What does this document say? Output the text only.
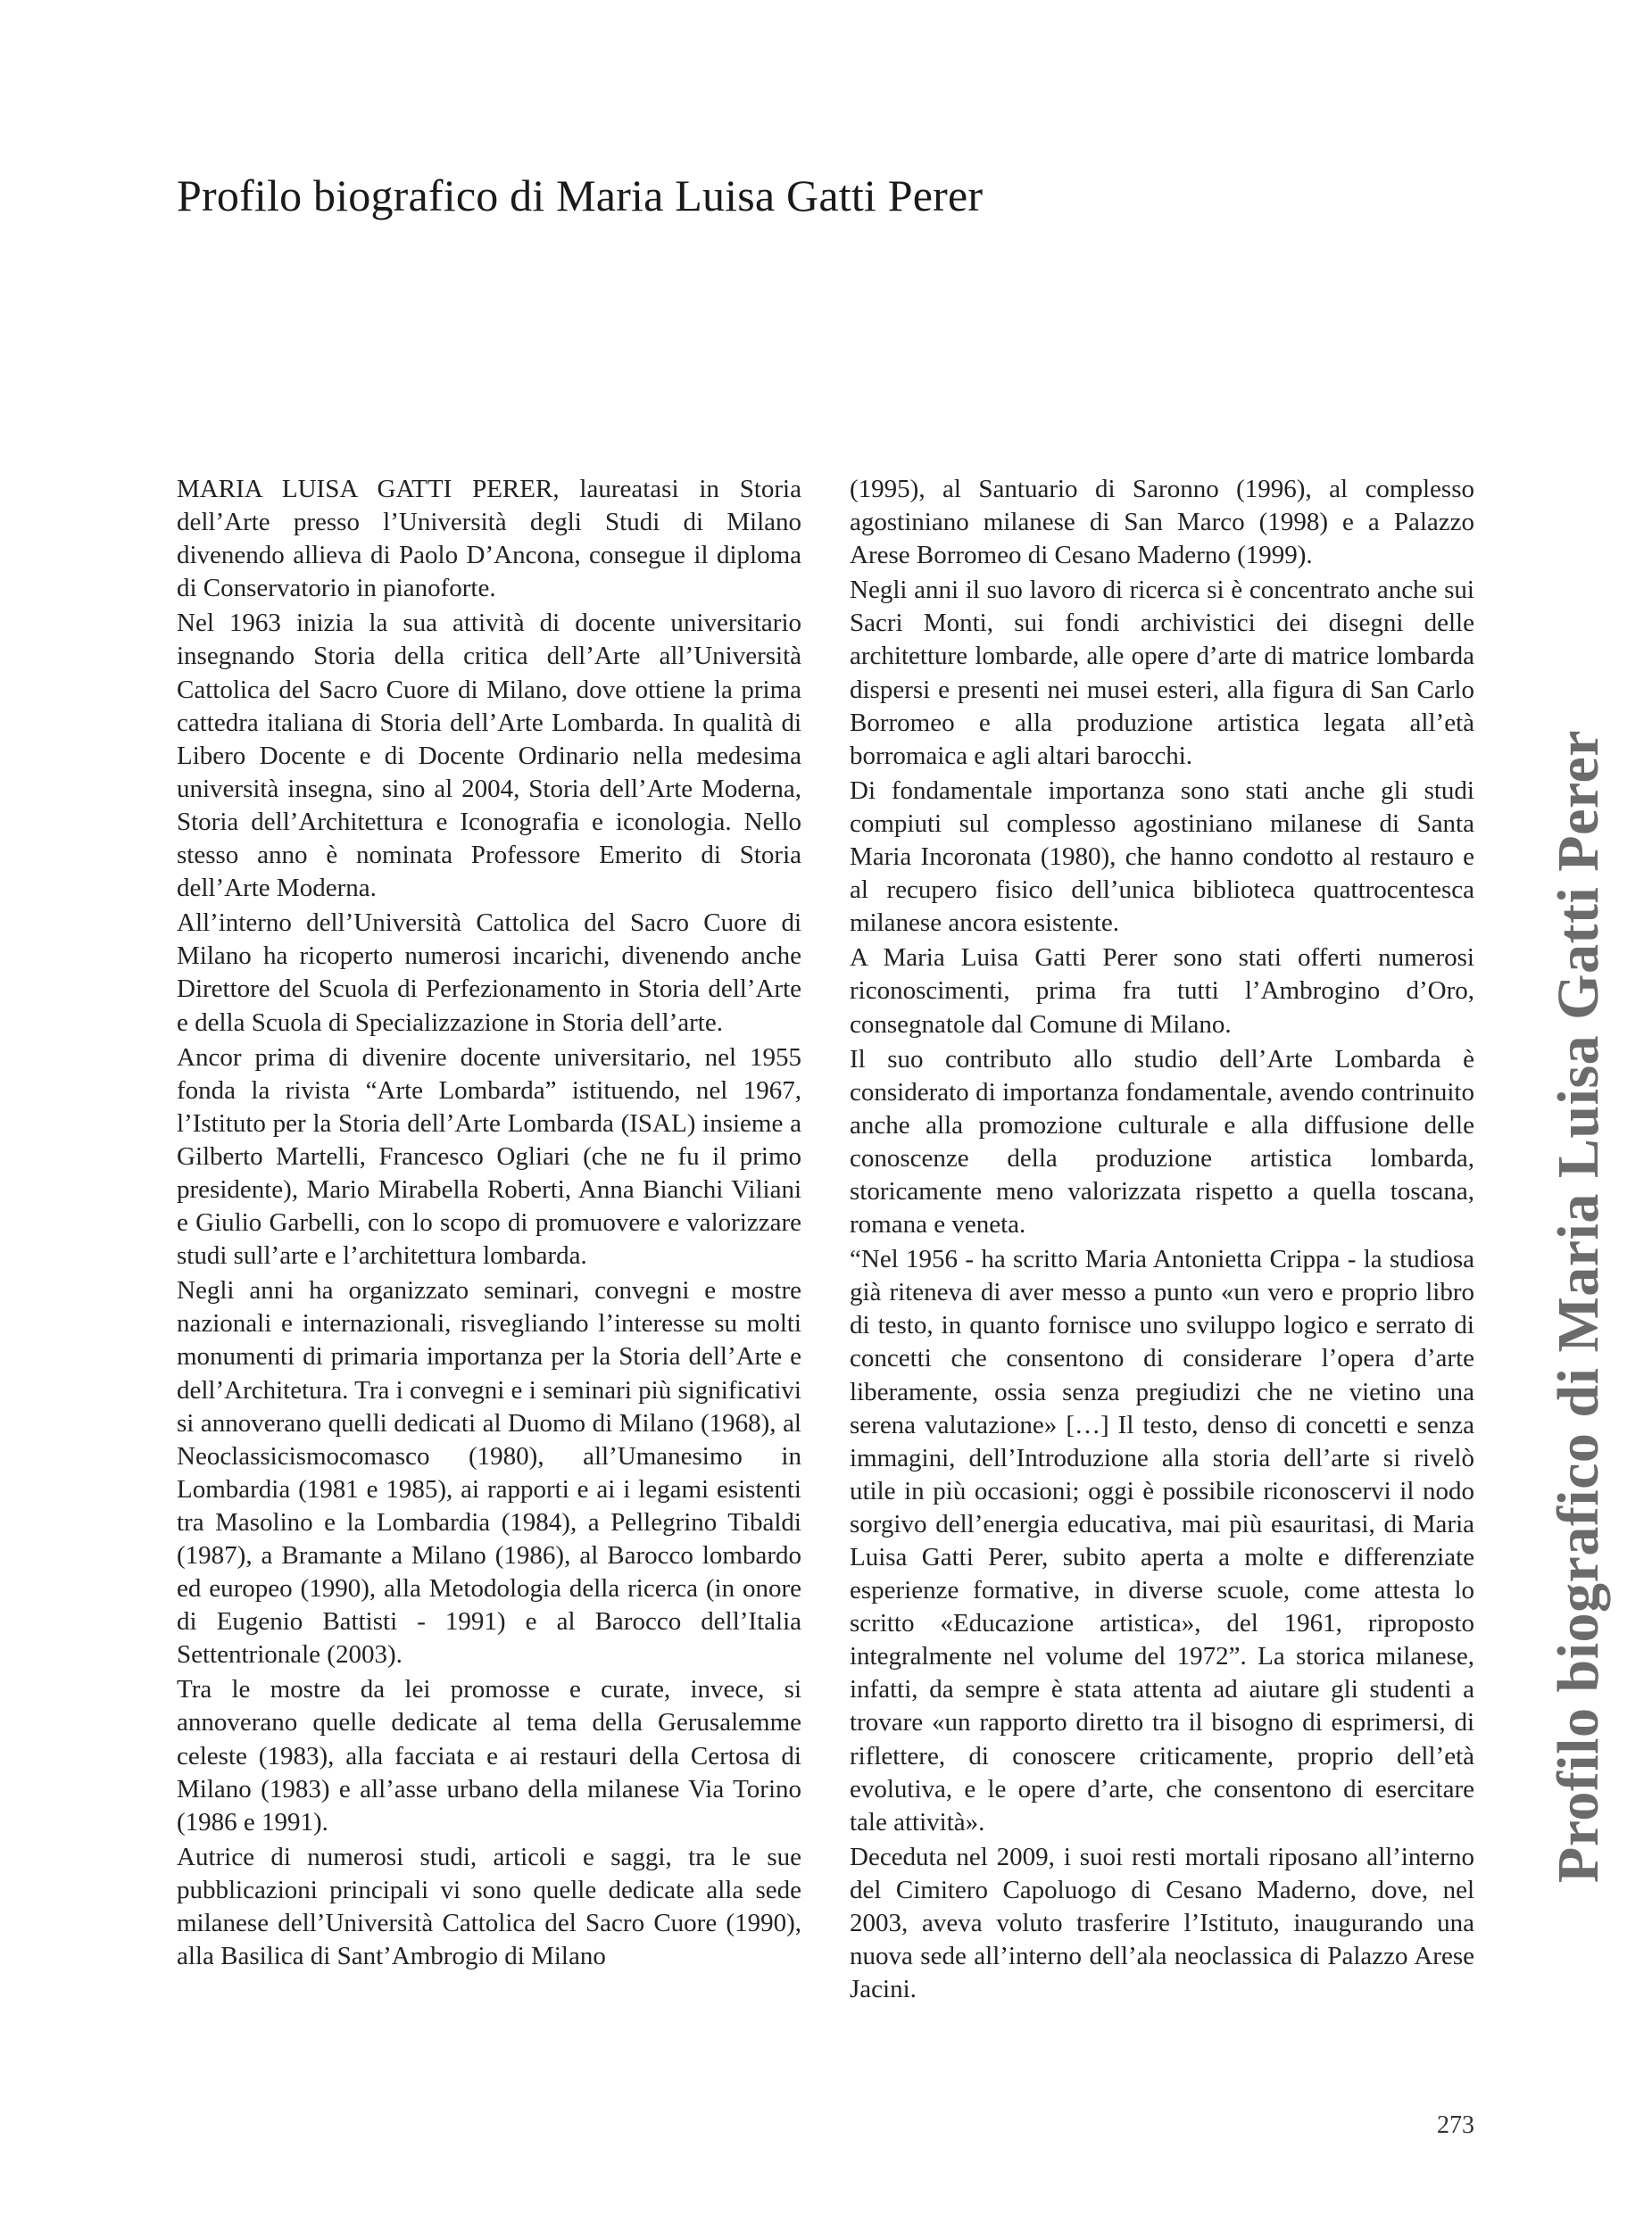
Profilo biografico di Maria Luisa Gatti Perer
Profilo biografico di Maria Luisa Gatti Perer

MARIA LUISA GATTI PERER, laureatasi in Storia dell’Arte presso l’Università degli Studi di Milano divenendo allieva di Paolo D’Ancona, consegue il diploma di Conservatorio in pianoforte.

Nel 1963 inizia la sua attività di docente universitario insegnando Storia della critica dell’Arte all’Università Cattolica del Sacro Cuore di Milano, dove ottiene la prima cattedra italiana di Storia dell’Arte Lombarda. In qualità di Libero Docente e di Docente Ordinario nella medesima università insegna, sino al 2004, Storia dell’Arte Moderna, Storia dell’Architettura e Iconografia e iconologia. Nello stesso anno è nominata Professore Emerito di Storia dell’Arte Moderna.

All’interno dell’Università Cattolica del Sacro Cuore di Milano ha ricoperto numerosi incarichi, divenendo anche Direttore del Scuola di Perfezionamento in Storia dell’Arte e della Scuola di Specializzazione in Storia dell’arte.

Ancor prima di divenire docente universitario, nel 1955 fonda la rivista “Arte Lombarda” istituendo, nel 1967, l’Istituto per la Storia dell’Arte Lombarda (ISAL) insieme a Gilberto Martelli, Francesco Ogliari (che ne fu il primo presidente), Mario Mirabella Roberti, Anna Bianchi Viliani e Giulio Garbelli, con lo scopo di promuovere e valorizzare studi sull’arte e l’architettura lombarda.

Negli anni ha organizzato seminari, convegni e mostre nazionali e internazionali, risvegliando l’interesse su molti monumenti di primaria importanza per la Storia dell’Arte e dell’Architetura. Tra i convegni e i seminari più significativi si annoverano quelli dedicati al Duomo di Milano (1968), al Neoclassicismocomasco (1980), all’Umanesimo in Lombardia (1981 e 1985), ai rapporti e ai i legami esistenti tra Masolino e la Lombardia (1984), a Pellegrino Tibaldi (1987), a Bramante a Milano (1986), al Barocco lombardo ed europeo (1990), alla Metodologia della ricerca (in onore di Eugenio Battisti - 1991) e al Barocco dell’Italia Settentrionale (2003).

Tra le mostre da lei promosse e curate, invece, si annoverano quelle dedicate al tema della Gerusalemme celeste (1983), alla facciata e ai restauri della Certosa di Milano (1983) e all’asse urbano della milanese Via Torino (1986 e 1991).

Autrice di numerosi studi, articoli e saggi, tra le sue pubblicazioni principali vi sono quelle dedicate alla sede milanese dell’Università Cattolica del Sacro Cuore (1990), alla Basilica di Sant’Ambrogio di Milano

(1995), al Santuario di Saronno (1996), al complesso agostiniano milanese di San Marco (1998) e a Palazzo Arese Borromeo di Cesano Maderno (1999).

Negli anni il suo lavoro di ricerca si è concentrato anche sui Sacri Monti, sui fondi archivistici dei disegni delle architetture lombarde, alle opere d’arte di matrice lombarda dispersi e presenti nei musei esteri, alla figura di San Carlo Borromeo e alla produzione artistica legata all’età borromaica e agli altari barocchi.

Di fondamentale importanza sono stati anche gli studi compiuti sul complesso agostiniano milanese di Santa Maria Incoronata (1980), che hanno condotto al restauro e al recupero fisico dell’unica biblioteca quattrocentesca milanese ancora esistente.

A Maria Luisa Gatti Perer sono stati offerti numerosi riconoscimenti, prima fra tutti l’Ambrogino d’Oro, consegnatole dal Comune di Milano.

Il suo contributo allo studio dell’Arte Lombarda è considerato di importanza fondamentale, avendo contrinuito anche alla promozione culturale e alla diffusione delle conoscenze della produzione artistica lombarda, storicamente meno valorizzata rispetto a quella toscana, romana e veneta.

“Nel 1956 - ha scritto Maria Antonietta Crippa - la studiosa già riteneva di aver messo a punto «un vero e proprio libro di testo, in quanto fornisce uno sviluppo logico e serrato di concetti che consentono di considerare l’opera d’arte liberamente, ossia senza pregiudizi che ne vietino una serena valutazione» […] Il testo, denso di concetti e senza immagini, dell’Introduzione alla storia dell’arte si rivelò utile in più occasioni; oggi è possibile riconoscervi il nodo sorgivo dell’energia educativa, mai più esauritasi, di Maria Luisa Gatti Perer, subito aperta a molte e differenziate esperienze formative, in diverse scuole, come attesta lo scritto «Educazione artistica», del 1961, riproposto integralmente nel volume del 1972”. La storica milanese, infatti, da sempre è stata attenta ad aiutare gli studenti a trovare «un rapporto diretto tra il bisogno di esprimersi, di riflettere, di conoscere criticamente, proprio dell’età evolutiva, e le opere d’arte, che consentono di esercitare tale attività».

Deceduta nel 2009, i suoi resti mortali riposano all’interno del Cimitero Capoluogo di Cesano Maderno, dove, nel 2003, aveva voluto trasferire l’Istituto, inaugurando una nuova sede all’interno dell’ala neoclassica di Palazzo Arese Jacini.

273
